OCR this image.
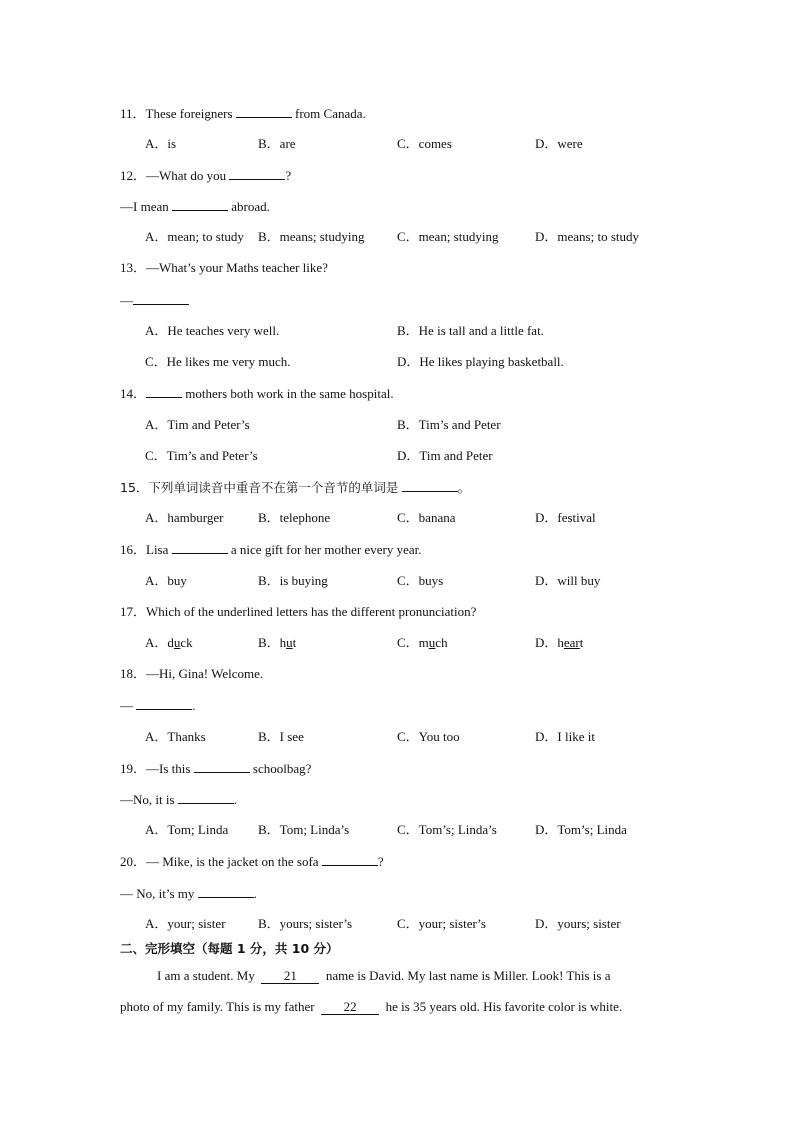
11．These foreigners	from Canada.
A．is	B．are	C．comes	D．were
12．—What do you	?
—I mean	abroad.
A．mean; to study B．means; studying C．mean; studying	D．means; to study
13．—What’s your Maths teacher like?
—
A．He teaches very well.	B．He is tall and a little fat.
C．He likes me very much.	D．He likes playing basketball.
14．	mothers both work in the same hospital.
A．Tim and Peter’s	B．Tim’s and Peter
C．Tim’s and Peter’s	D．Tim and Peter
15．下列单词读音中重音不在第一个音节的单词是	。
A．hamburger	B．telephone	C．banana	D．festival
16．Lisa	a nice gift for her mother every year.
A．buy	B．is buying	C．buys	D．will buy
17．Which of the underlined letters has the different pronunciation?
A．duck	B．hut	C．much	D．heart
18．—Hi, Gina! Welcome.
—	.
A．Thanks	B．I see	C．You too	D．I like it
19．—Is this	schoolbag?
—No, it is	.
A．Tom; Linda B．Tom; Linda’s	C．Tom’s; Linda’s	D．Tom’s; Linda
20．— Mike, is the jacket on the sofa	?
— No, it’s my	.
A．your; sister B．yours; sister’s	C．your; sister’s	D．yours; sister
二、完形填空（每题 1 分，共 10 分）
I am a student. My 21 name is David. My last name is Miller. Look! This is a
photo of my family. This is my father 22 he is 35 years old. His favorite color is white.
